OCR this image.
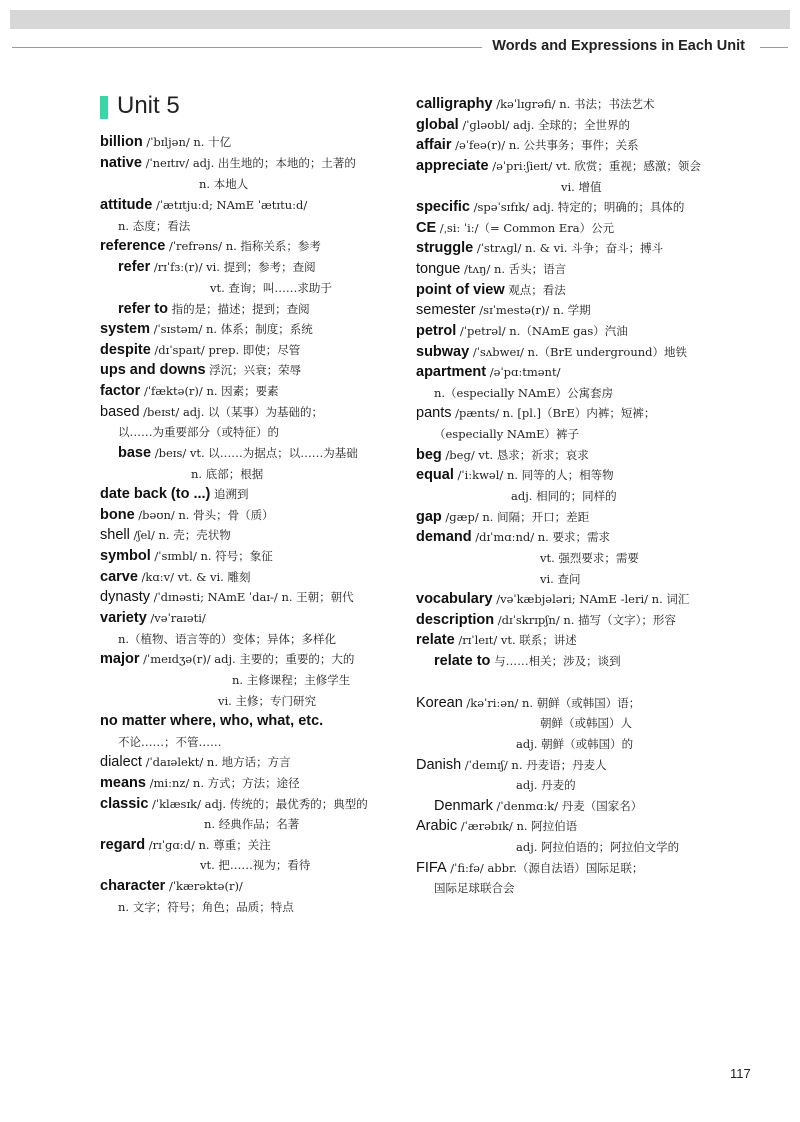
Words and Expressions in Each Unit
Unit 5
billion /ˈbɪljən/ n. 十亿
native /ˈneɪtɪv/ adj. 出生地的；本地的；土著的
n. 本地人
attitude /ˈætɪtjuːd; NAmE ˈætɪtuːd/
n. 态度；看法
reference /ˈrefrəns/ n. 指称关系；参考
refer /rɪˈfɜː(r)/ vi. 提到；参考；查阅
vt. 查询；叫……求助于
refer to 指的是；描述；提到；查阅
system /ˈsɪstəm/ n. 体系；制度；系统
despite /dɪˈspaɪt/ prep. 即使；尽管
ups and downs 浮沉；兴衰；荣辱
factor /ˈfæktə(r)/ n. 因素；要素
based /beɪst/ adj. 以（某事）为基础的；
以……为重要部分（或特征）的
base /beɪs/ vt. 以……为据点；以……为基础
n. 底部；根据
date back (to ...) 追溯到
bone /bəʊn/ n. 骨头；骨（质）
shell /ʃel/ n. 壳；壳状物
symbol /ˈsɪmbl/ n. 符号；象征
carve /kɑːv/ vt. & vi. 雕刻
dynasty /ˈdɪnəsti; NAmE ˈdaɪ-/ n. 王朝；朝代
variety /vəˈraɪəti/
n.（植物、语言等的）变体；异体；多样化
major /ˈmeɪdʒə(r)/ adj. 主要的；重要的；大的
n. 主修课程；主修学生
vi. 主修；专门研究
no matter where, who, what, etc.
不论……；不管……
dialect /ˈdaɪəlekt/ n. 地方话；方言
means /miːnz/ n. 方式；方法；途径
classic /ˈklæsɪk/ adj. 传统的；最优秀的；典型的
n. 经典作品；名著
regard /rɪˈɡɑːd/ n. 尊重；关注
vt. 把……视为；看待
character /ˈkærəktə(r)/
n. 文字；符号；角色；品质；特点
calligraphy /kəˈlɪɡrəfi/ n. 书法；书法艺术
global /ˈɡləʊbl/ adj. 全球的；全世界的
affair /əˈfeə(r)/ n. 公共事务；事件；关系
appreciate /əˈpriːʃieɪt/ vt. 欣赏；重视；感激；领会
vi. 增值
specific /spəˈsɪfɪk/ adj. 特定的；明确的；具体的
CE /ˌsiː ˈiː/（= Common Era）公元
struggle /ˈstrʌɡl/ n. & vi. 斗争；奋斗；搏斗
tongue /tʌŋ/ n. 舌头；语言
point of view 观点；看法
semester /sɪˈmestə(r)/ n. 学期
petrol /ˈpetrəl/ n.（NAmE gas）汽油
subway /ˈsʌbweɪ/ n.（BrE underground）地铁
apartment /əˈpɑːtmənt/
n.（especially NAmE）公寓套房
pants /pænts/ n. [pl.]（BrE）内裤；短裤；
（especially NAmE）裤子
beg /beɡ/ vt. 恳求；祈求；哀求
equal /ˈiːkwəl/ n. 同等的人；相等物
adj. 相同的；同样的
gap /ɡæp/ n. 间隔；开口；差距
demand /dɪˈmɑːnd/ n. 要求；需求
vt. 强烈要求；需要
vi. 查问
vocabulary /vəˈkæbjələri; NAmE -leri/ n. 词汇
description /dɪˈskrɪpʃn/ n. 描写（文字）；形容
relate /rɪˈleɪt/ vt. 联系；讲述
relate to 与……相关；涉及；谈到
Korean /kəˈriːən/ n. 朝鲜（或韩国）语；
朝鲜（或韩国）人
adj. 朝鲜（或韩国）的
Danish /ˈdeɪnɪʃ/ n. 丹麦语；丹麦人
adj. 丹麦的
Denmark /ˈdenmɑːk/ 丹麦（国家名）
Arabic /ˈærəbɪk/ n. 阿拉伯语
adj. 阿拉伯语的；阿拉伯文学的
FIFA /ˈfiːfə/ abbr.（源自法语）国际足联；
国际足球联合会
117
